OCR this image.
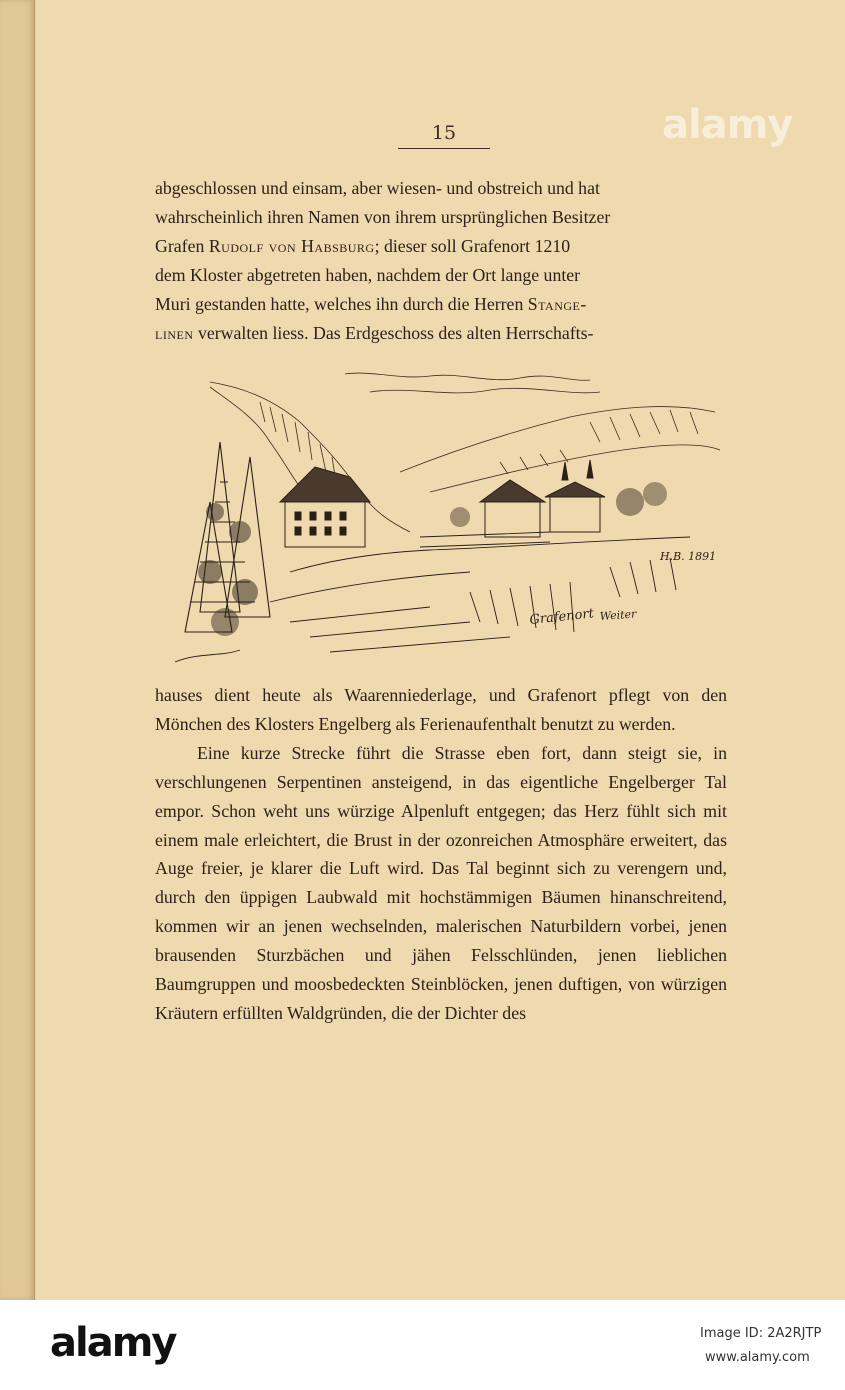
15

abgeschlossen und einsam, aber wiesen- und obstreich und hat

wahrscheinlich ihren Namen von ihrem ursprünglichen Besitzer

Grafen Rudolf von Habsburg; dieser soll Grafenort 1210

dem Kloster abgetreten haben, nachdem der Ort lange unter

Muri gestanden hatte, welches ihn durch die Herren Stange-

linen verwalten liess. Das Erdgeschoss des alten Herrschafts-

Grafenort Weiter
H.B. 1891

hauses dient heute als Waarenniederlage, und Grafenort pflegt von den Mönchen des Klosters Engelberg als Ferienaufenthalt benutzt zu werden.

Eine kurze Strecke führt die Strasse eben fort, dann steigt sie, in verschlungenen Serpentinen ansteigend, in das eigentliche Engelberger Tal empor. Schon weht uns würzige Alpenluft entgegen; das Herz fühlt sich mit einem male erleichtert, die Brust in der ozonreichen Atmosphäre erweitert, das Auge freier, je klarer die Luft wird. Das Tal beginnt sich zu verengern und, durch den üppigen Laubwald mit hochstämmigen Bäumen hinanschreitend, kommen wir an jenen wechselnden, malerischen Naturbildern vorbei, jenen brausenden Sturzbächen und jähen Felsschlünden, jenen lieblichen Baumgruppen und moosbedeckten Steinblöcken, jenen duftigen, von würzigen Kräutern erfüllten Waldgründen, die der Dichter des

alamy
alamy	Image ID: 2A2RJTP
www.alamy.com
